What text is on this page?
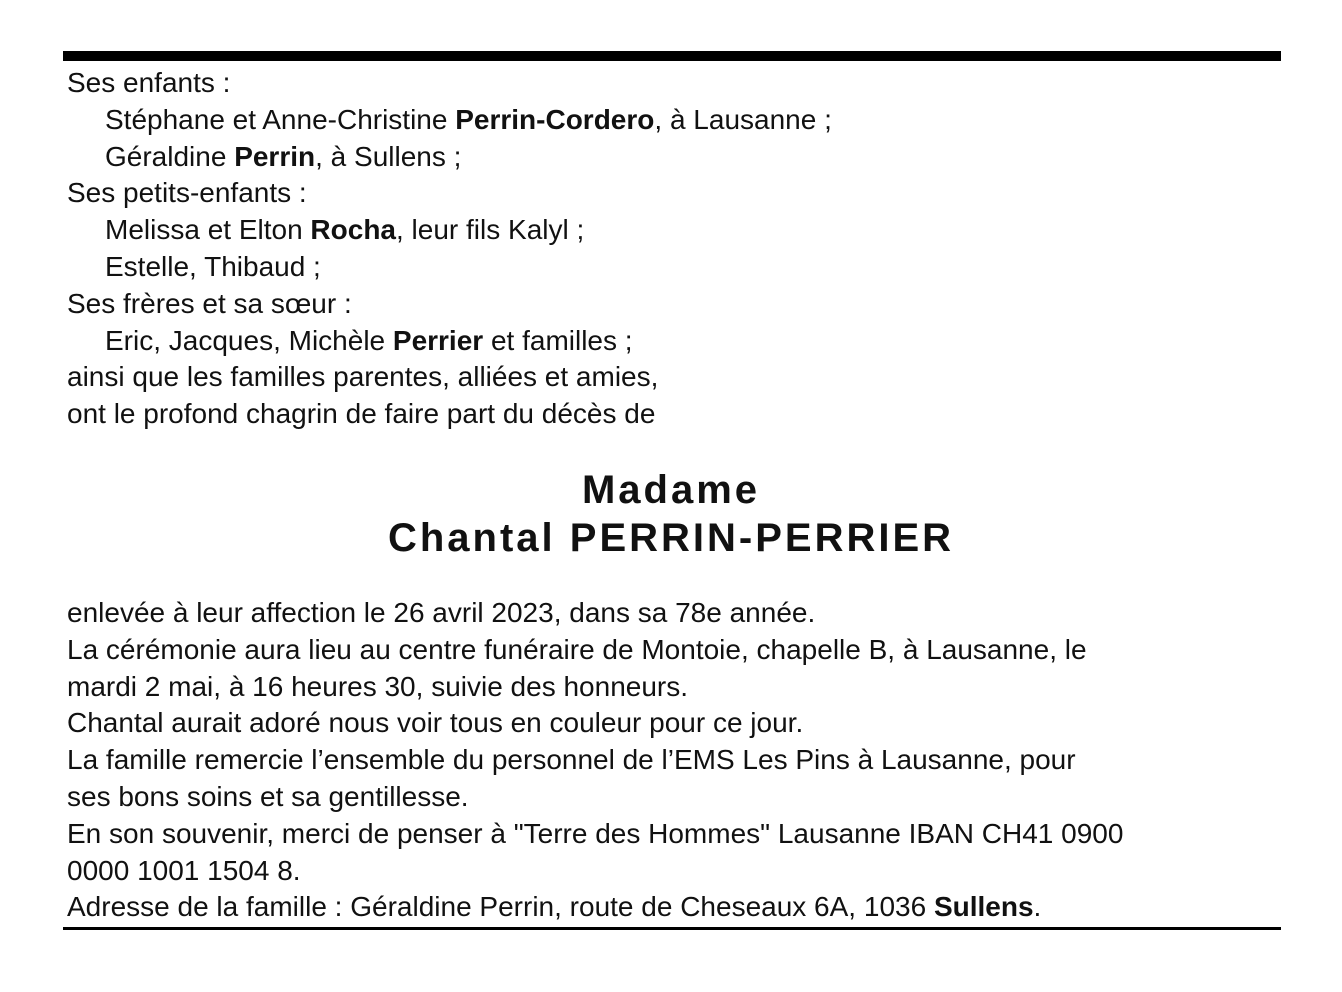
Ses enfants :
Stéphane et Anne-Christine Perrin-Cordero, à Lausanne ;
Géraldine Perrin, à Sullens ;
Ses petits-enfants :
Melissa et Elton Rocha, leur fils Kalyl ;
Estelle, Thibaud ;
Ses frères et sa sœur :
Eric, Jacques, Michèle Perrier et familles ;
ainsi que les familles parentes, alliées et amies,
ont le profond chagrin de faire part du décès de
Madame
Chantal PERRIN-PERRIER
enlevée à leur affection le 26 avril 2023, dans sa 78e année.
La cérémonie aura lieu au centre funéraire de Montoie, chapelle B, à Lausanne, le
mardi 2 mai, à 16 heures 30, suivie des honneurs.
Chantal aurait adoré nous voir tous en couleur pour ce jour.
La famille remercie l’ensemble du personnel de l’EMS Les Pins à Lausanne, pour
ses bons soins et sa gentillesse.
En son souvenir, merci de penser à "Terre des Hommes" Lausanne IBAN CH41 0900
0000 1001 1504 8.
Adresse de la famille : Géraldine Perrin, route de Cheseaux 6A, 1036 Sullens.
